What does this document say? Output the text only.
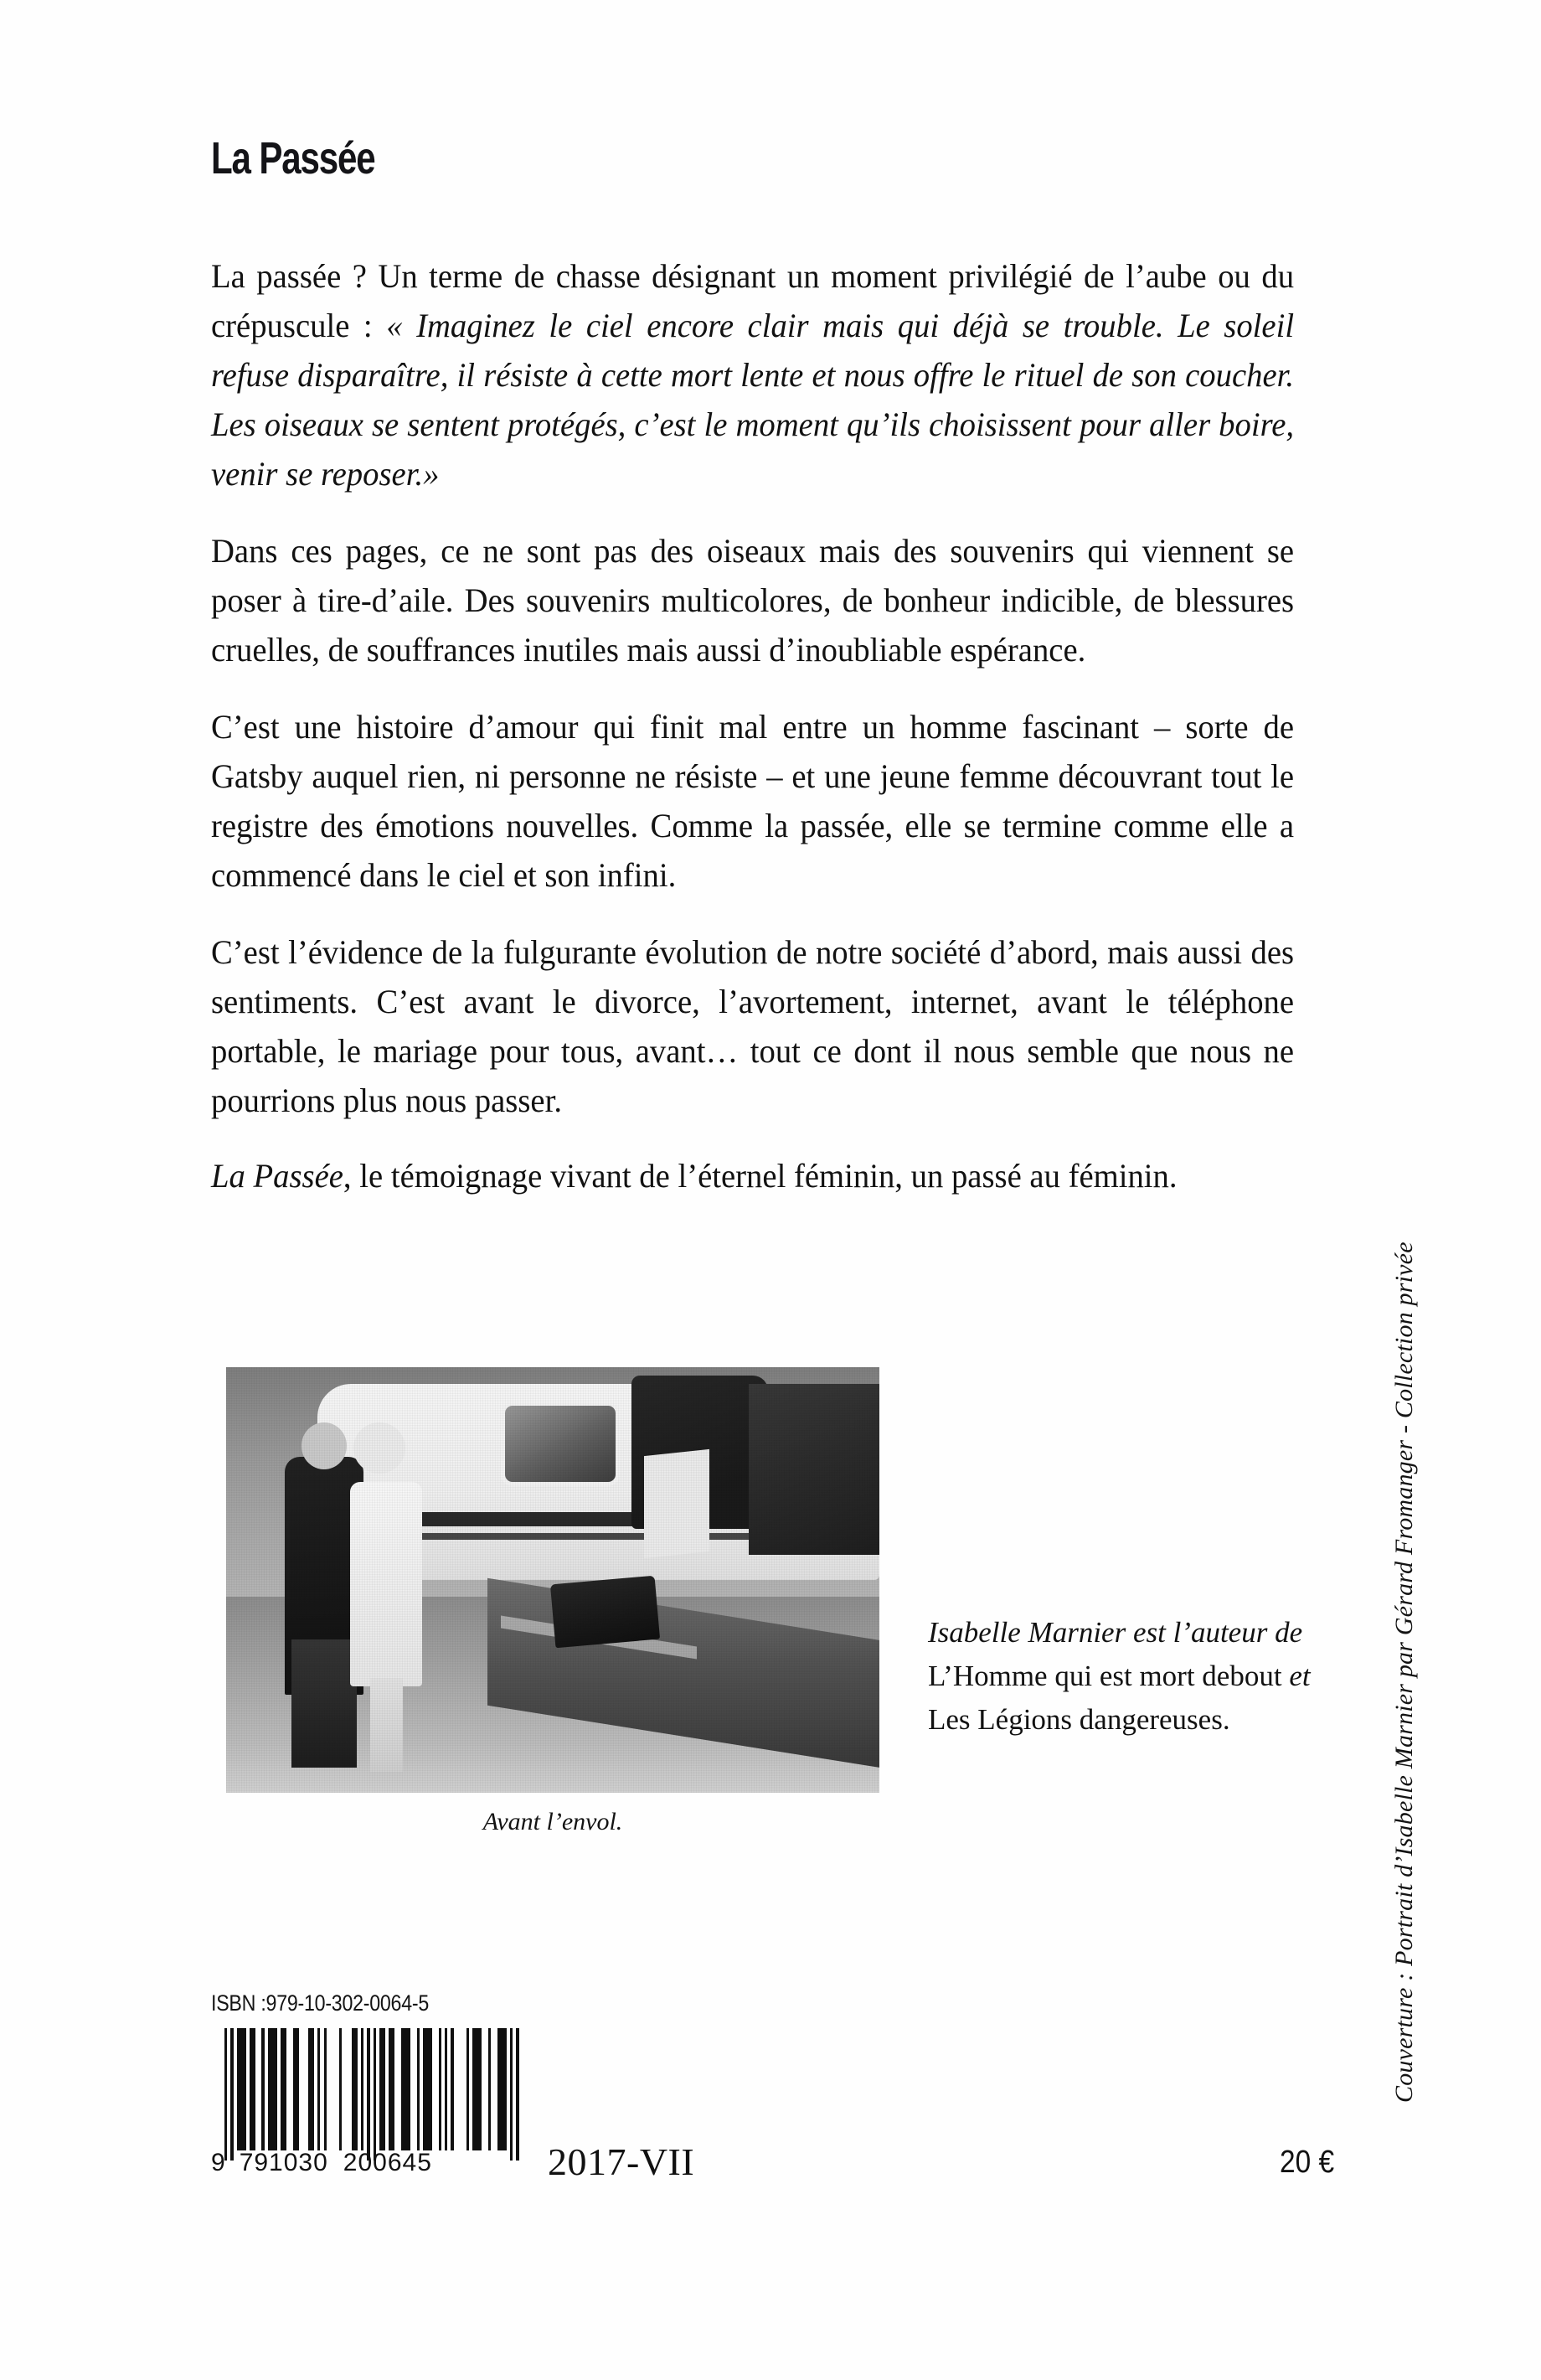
La Passée

La passée ? Un terme de chasse désignant un moment privilégié de l’aube ou du crépuscule : « Imaginez le ciel encore clair mais qui déjà se trouble. Le soleil refuse disparaître, il résiste à cette mort lente et nous offre le rituel de son coucher. Les oiseaux se sentent protégés, c’est le moment qu’ils choisissent pour aller boire, venir se reposer.»

Dans ces pages, ce ne sont pas des oiseaux mais des souvenirs qui viennent se poser à tire-d’aile. Des souvenirs multicolores, de bonheur indicible, de blessures cruelles, de souffrances inutiles mais aussi d’inoubliable espérance.

C’est une histoire d’amour qui finit mal entre un homme fascinant – sorte de Gatsby auquel rien, ni personne ne résiste – et une jeune femme découvrant tout le registre des émotions nouvelles. Comme la passée, elle se termine comme elle a commencé dans le ciel et son infini.

C’est l’évidence de la fulgurante évolution de notre société d’abord, mais aussi des sentiments. C’est avant le divorce, l’avortement, internet, avant le téléphone portable, le mariage pour tous, avant… tout ce dont il nous semble que nous ne pourrions plus nous passer.

La Passée, le témoignage vivant de l’éternel féminin, un passé au féminin.

Avant l’envol.
Isabelle Marnier est l’auteur de L’Homme qui est mort debout et Les Légions dangereuses.	Couverture : Portrait d’Isabelle Marnier par Gérard Fromanger - Collection privée
ISBN :979-10-302-0064-5
9 791030 200645	2017-VII	20 €
